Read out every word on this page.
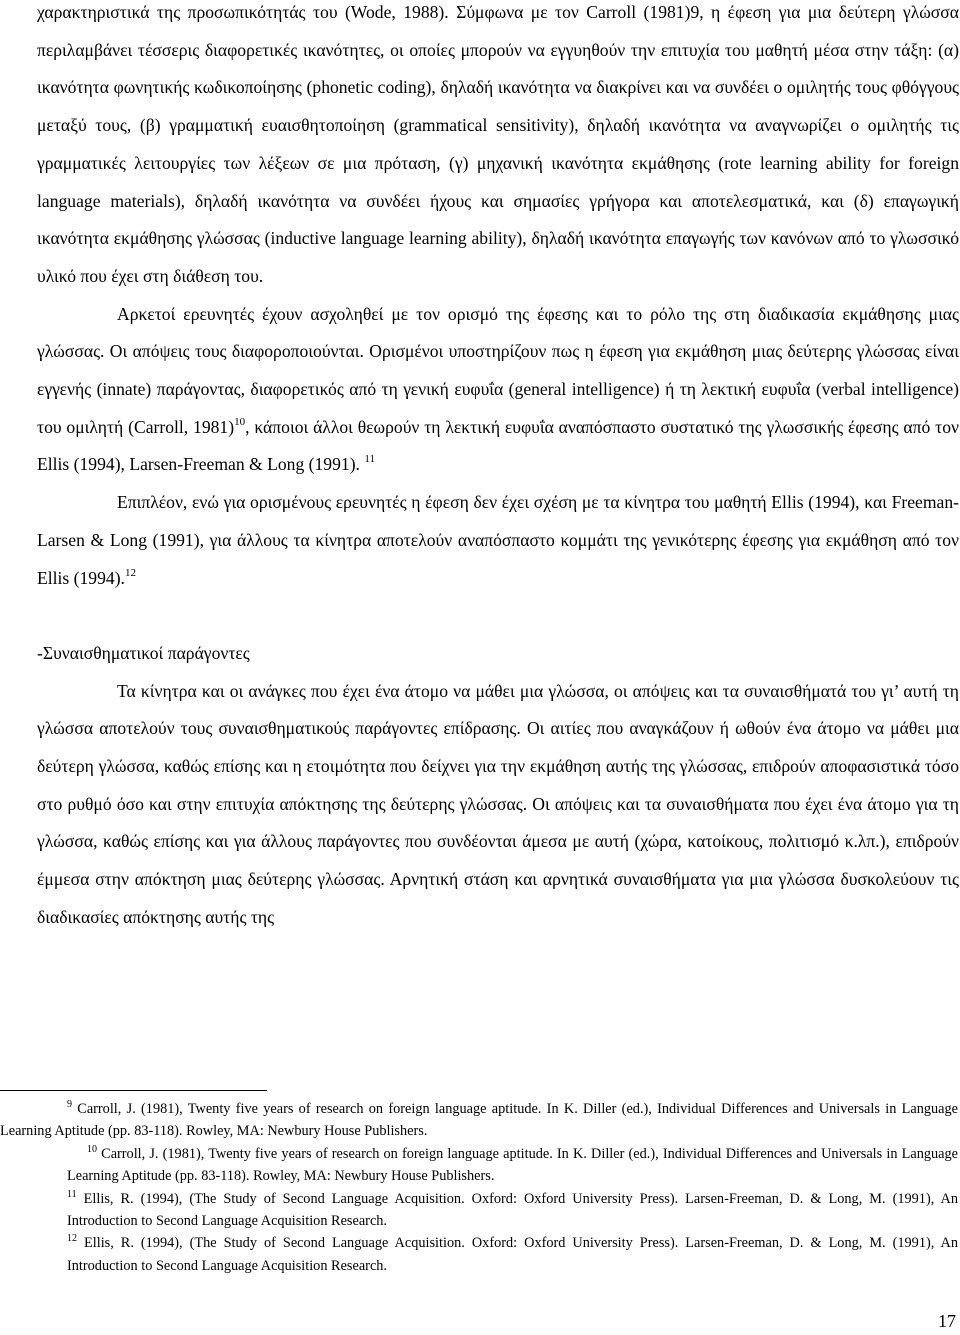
χαρακτηριστικά της προσωπικότητάς του (Wode, 1988). Σύμφωνα με τον Carroll (1981)9, η έφεση για μια δεύτερη γλώσσα περιλαμβάνει τέσσερις διαφορετικές ικανότητες, οι οποίες μπορούν να εγγυηθούν την επιτυχία του μαθητή μέσα στην τάξη: (α) ικανότητα φωνητικής κωδικοποίησης (phonetic coding), δηλαδή ικανότητα να διακρίνει και να συνδέει ο ομιλητής τους φθόγγους μεταξύ τους, (β) γραμματική ευαισθητοποίηση (grammatical sensitivity), δηλαδή ικανότητα να αναγνωρίζει ο ομιλητής τις γραμματικές λειτουργίες των λέξεων σε μια πρόταση, (γ) μηχανική ικανότητα εκμάθησης (rote learning ability for foreign language materials), δηλαδή ικανότητα να συνδέει ήχους και σημασίες γρήγορα και αποτελεσματικά, και (δ) επαγωγική ικανότητα εκμάθησης γλώσσας (inductive language learning ability), δηλαδή ικανότητα επαγωγής των κανόνων από το γλωσσικό υλικό που έχει στη διάθεση του.

Αρκετοί ερευνητές έχουν ασχοληθεί με τον ορισμό της έφεσης και το ρόλο της στη διαδικασία εκμάθησης μιας γλώσσας. Οι απόψεις τους διαφοροποιούνται. Ορισμένοι υποστηρίζουν πως η έφεση για εκμάθηση μιας δεύτερης γλώσσας είναι εγγενής (innate) παράγοντας, διαφορετικός από τη γενική ευφυΐα (general intelligence) ή τη λεκτική ευφυΐα (verbal intelligence) του ομιλητή (Carroll, 1981)$^{10}$, κάποιοι άλλοι θεωρούν τη λεκτική ευφυΐα αναπόσπαστο συστατικό της γλωσσικής έφεσης από τον Ellis (1994), Larsen-Freeman & Long (1991). $^{11}$

Επιπλέον, ενώ για ορισμένους ερευνητές η έφεση δεν έχει σχέση με τα κίνητρα του μαθητή Ellis (1994), και Freeman-Larsen & Long (1991), για άλλους τα κίνητρα αποτελούν αναπόσπαστο κομμάτι της γενικότερης έφεσης για εκμάθηση από τον Ellis (1994).$^{12}$

-Συναισθηματικοί παράγοντες

Τα κίνητρα και οι ανάγκες που έχει ένα άτομο να μάθει μια γλώσσα, οι απόψεις και τα συναισθήματά του γι’ αυτή τη γλώσσα αποτελούν τους συναισθηματικούς παράγοντες επίδρασης. Οι αιτίες που αναγκάζουν ή ωθούν ένα άτομο να μάθει μια δεύτερη γλώσσα, καθώς επίσης και η ετοιμότητα που δείχνει για την εκμάθηση αυτής της γλώσσας, επιδρούν αποφασιστικά τόσο στο ρυθμό όσο και στην επιτυχία απόκτησης της δεύτερης γλώσσας. Οι απόψεις και τα συναισθήματα που έχει ένα άτομο για τη γλώσσα, καθώς επίσης και για άλλους παράγοντες που συνδέονται άμεσα με αυτή (χώρα, κατοίκους, πολιτισμό κ.λπ.), επιδρούν έμμεσα στην απόκτηση μιας δεύτερης γλώσσας. Αρνητική στάση και αρνητικά συναισθήματα για μια γλώσσα δυσκολεύουν τις διαδικασίες απόκτησης αυτής της

$^9$ Carroll, J. (1981), Twenty five years of research on foreign language aptitude. In K. Diller (ed.), Individual Differences and Universals in Language Learning Aptitude (pp. 83-118). Rowley, MA: Newbury House Publishers.

$^{10}$ Carroll, J. (1981), Twenty five years of research on foreign language aptitude. In K. Diller (ed.), Individual Differences and Universals in Language Learning Aptitude (pp. 83-118). Rowley, MA: Newbury House Publishers.

$^{11}$ Ellis, R. (1994), (The Study of Second Language Acquisition. Oxford: Oxford University Press). Larsen-Freeman, D. & Long, M. (1991), An Introduction to Second Language Acquisition Research.

$^{12}$ Ellis, R. (1994), (The Study of Second Language Acquisition. Oxford: Oxford University Press). Larsen-Freeman, D. & Long, M. (1991), An Introduction to Second Language Acquisition Research.

17
